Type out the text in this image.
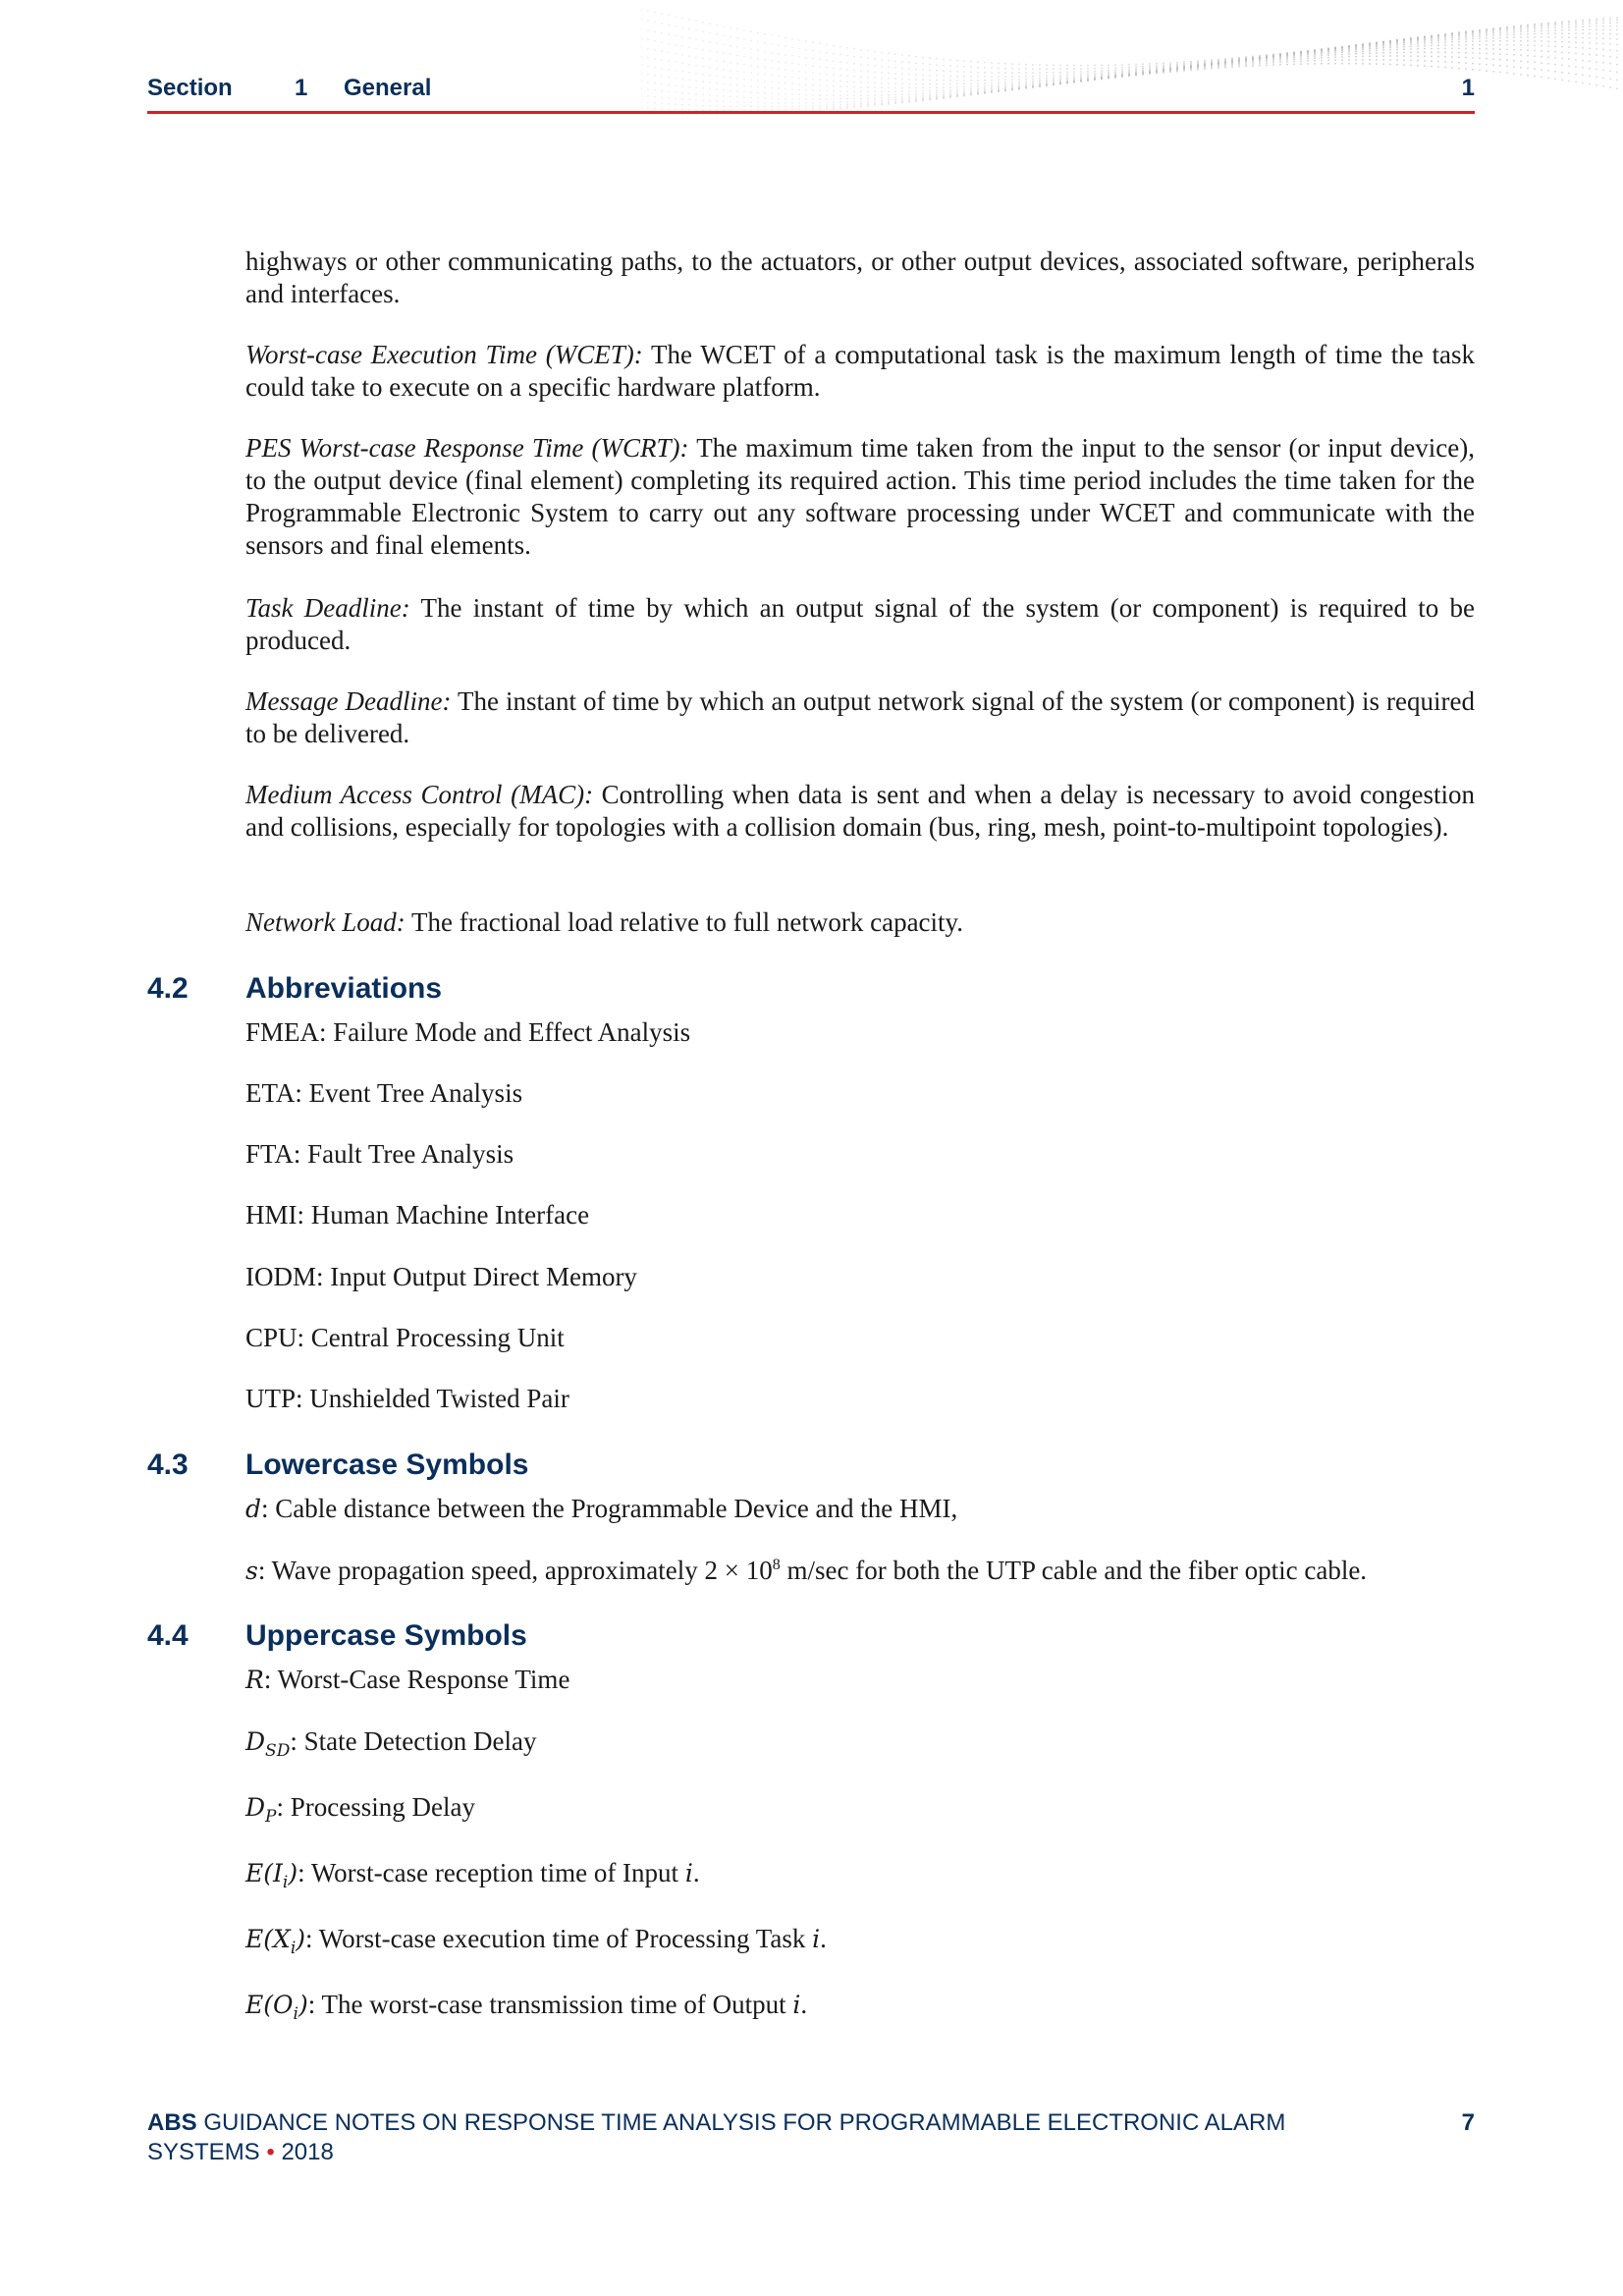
Section	1 General	1

highways or other communicating paths, to the actuators, or other output devices, associated software, peripherals and interfaces.

Worst-case Execution Time (WCET): The WCET of a computational task is the maximum length of time the task could take to execute on a specific hardware platform.

PES Worst-case Response Time (WCRT): The maximum time taken from the input to the sensor (or input device), to the output device (final element) completing its required action. This time period includes the time taken for the Programmable Electronic System to carry out any software processing under WCET and communicate with the sensors and final elements.

Task Deadline: The instant of time by which an output signal of the system (or component) is required to be produced.

Message Deadline: The instant of time by which an output network signal of the system (or component) is required to be delivered.

Medium Access Control (MAC): Controlling when data is sent and when a delay is necessary to avoid congestion and collisions, especially for topologies with a collision domain (bus, ring, mesh, point-to-multipoint topologies).

Network Load: The fractional load relative to full network capacity.

4.2 Abbreviations
FMEA: Failure Mode and Effect Analysis
ETA: Event Tree Analysis
FTA: Fault Tree Analysis
HMI: Human Machine Interface
IODM: Input Output Direct Memory
CPU: Central Processing Unit
UTP: Unshielded Twisted Pair
4.3 Lowercase Symbols
d: Cable distance between the Programmable Device and the HMI,
s: Wave propagation speed, approximately $2 \times 10^8$ m/sec for both the UTP cable and the fiber optic cable.
4.4 Uppercase Symbols
R: Worst-Case Response Time
$D_{SD}$: State Detection Delay
$D_P$: Processing Delay
$E(I_i)$: Worst-case reception time of Input i.
$E(X_i)$: Worst-case execution time of Processing Task i.
$E(O_i)$: The worst-case transmission time of Output i.
ABS GUIDANCE NOTES ON RESPONSE TIME ANALYSIS FOR PROGRAMMABLE ELECTRONIC ALARM
SYSTEMS • 2018
7
